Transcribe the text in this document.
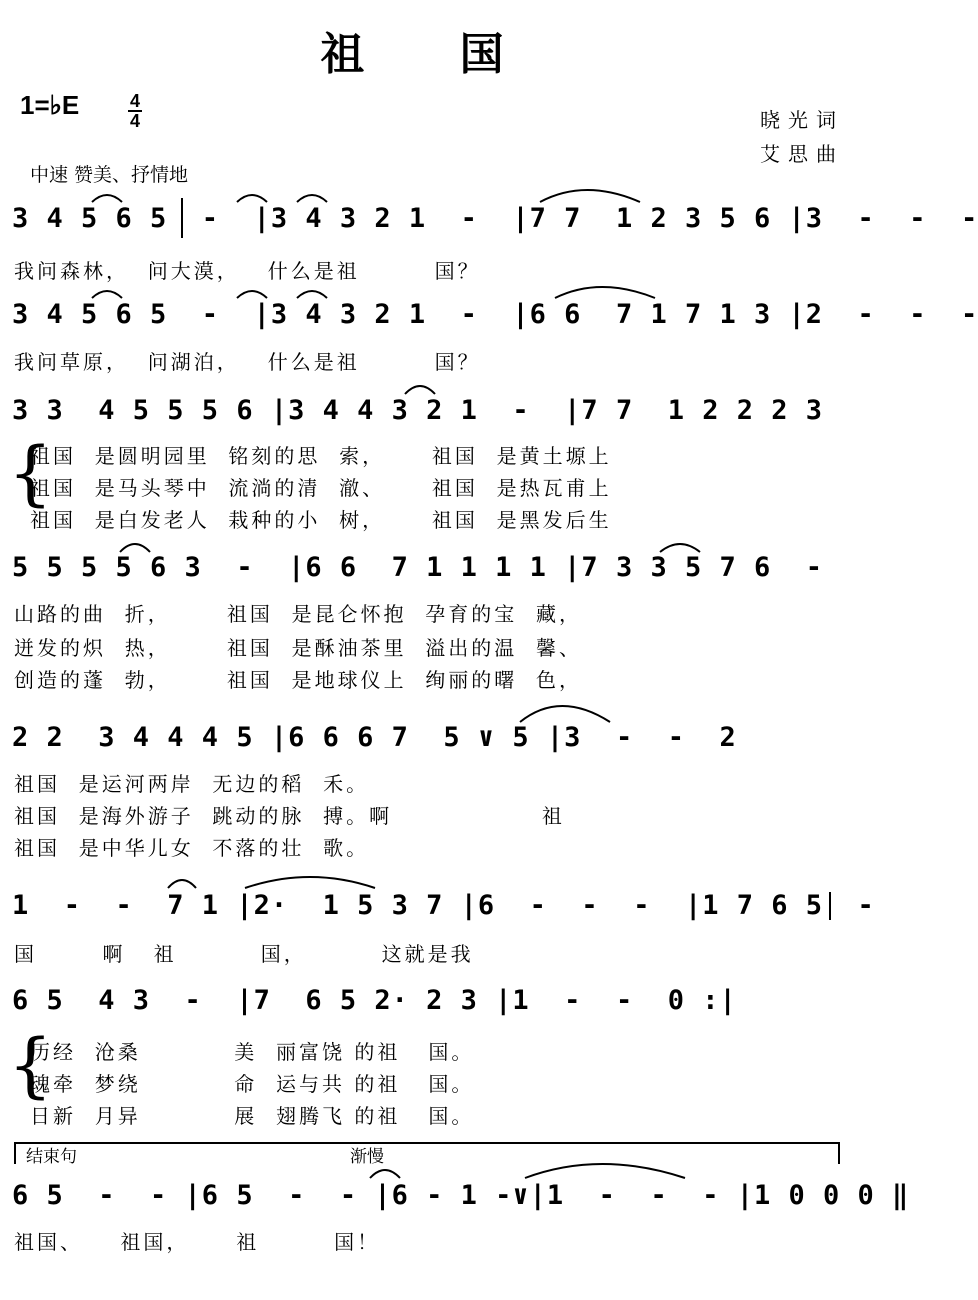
祖 国
1=♭E	4
4	晓光词
艾思曲
中速 赞美、抒情地
3 4 5 6 5  -  |3 4 3 2 1  -  |7 7  1 2 3 5 6 |3  -  -  -
我问森林，  问大漠，   什么是祖        国？
3 4 5 6 5  -  |3 4 3 2 1  -  |6 6  7 1 7 1 3 |2  -  -  -
我问草原，  问湖泊，   什么是祖        国？
3 3  4 5 5 5 6 |3 4 4 3 2 1  -  |7 7  1 2 2 2 3
{
祖国  是圆明园里  铭刻的思  索，     祖国  是黄土塬上
祖国  是马头琴中  流淌的清  澈、     祖国  是热瓦甫上
祖国  是白发老人  栽种的小  树，     祖国  是黑发后生
5 5 5 5 6 3  -  |6 6  7 1 1 1 1 |7 3 3 5 7 6  -
山路的曲  折，      祖国  是昆仑怀抱  孕育的宝  藏，
迸发的炽  热，      祖国  是酥油茶里  溢出的温  馨、
创造的蓬  勃，      祖国  是地球仪上  绚丽的曙  色，
2 2  3 4 4 4 5 |6 6 6 7  5 ∨ 5 |3  -  -  2
祖国  是运河两岸  无边的稻  禾。
祖国  是海外游子  跳动的脉  搏。啊                祖
祖国  是中华儿女  不落的壮  歌。
1  -  -  7 1 |2·  1 5 3 7 |6  -  -  -  |1 7 6 5  -
国       啊   祖         国，        这就是我
6 5  4 3  -  |7  6 5 2· 2 3 |1  -  -  0 :|
{
历经  沧桑          美  丽富饶 的祖   国。
魂牵  梦绕          命  运与共 的祖   国。
日新  月异          展  翅腾飞 的祖   国。
结束句	渐慢
6 5  -  - |6 5  -  - |6 - 1 -∨|1  -  -  - |1 0 0 0 ‖
祖国、    祖国，     祖        国！
